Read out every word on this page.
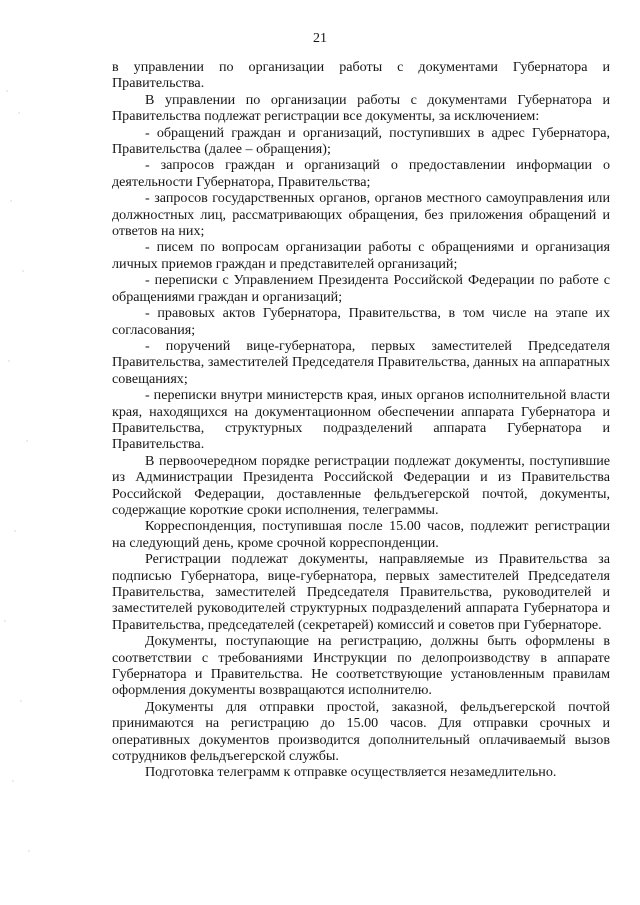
21

в управлении по организации работы с документами Губернатора и Правительства.

В управлении по организации работы с документами Губернатора и Правительства подлежат регистрации все документы, за исключением:

- обращений граждан и организаций, поступивших в адрес Губернатора, Правительства (далее – обращения);

- запросов граждан и организаций о предоставлении информации о деятельности Губернатора, Правительства;

- запросов государственных органов, органов местного самоуправления или должностных лиц, рассматривающих обращения, без приложения обращений и ответов на них;

- писем по вопросам организации работы с обращениями и организация личных приемов граждан и представителей организаций;

- переписки с Управлением Президента Российской Федерации по работе с обращениями граждан и организаций;

- правовых актов Губернатора, Правительства, в том числе на этапе их согласования;

- поручений вице-губернатора, первых заместителей Председателя Правительства, заместителей Председателя Правительства, данных на аппаратных совещаниях;

- переписки внутри министерств края, иных органов исполнительной власти края, находящихся на документационном обеспечении аппарата Губернатора и Правительства, структурных подразделений аппарата Губернатора и Правительства.

В первоочередном порядке регистрации подлежат документы, поступившие из Администрации Президента Российской Федерации и из Правительства Российской Федерации, доставленные фельдъегерской почтой, документы, содержащие короткие сроки исполнения, телеграммы.

Корреспонденция, поступившая после 15.00 часов, подлежит регистрации на следующий день, кроме срочной корреспонденции.

Регистрации подлежат документы, направляемые из Правительства за подписью Губернатора, вице-губернатора, первых заместителей Председателя Правительства, заместителей Председателя Правительства, руководителей и заместителей руководителей структурных подразделений аппарата Губернатора и Правительства, председателей (секретарей) комиссий и советов при Губернаторе.

Документы, поступающие на регистрацию, должны быть оформлены в соответствии с требованиями Инструкции по делопроизводству в аппарате Губернатора и Правительства. Не соответствующие установленным правилам оформления документы возвращаются исполнителю.

Документы для отправки простой, заказной, фельдъегерской почтой принимаются на регистрацию до 15.00 часов. Для отправки срочных и оперативных документов производится дополнительный оплачиваемый вызов сотрудников фельдъегерской службы.

Подготовка телеграмм к отправке осуществляется незамедлительно.
